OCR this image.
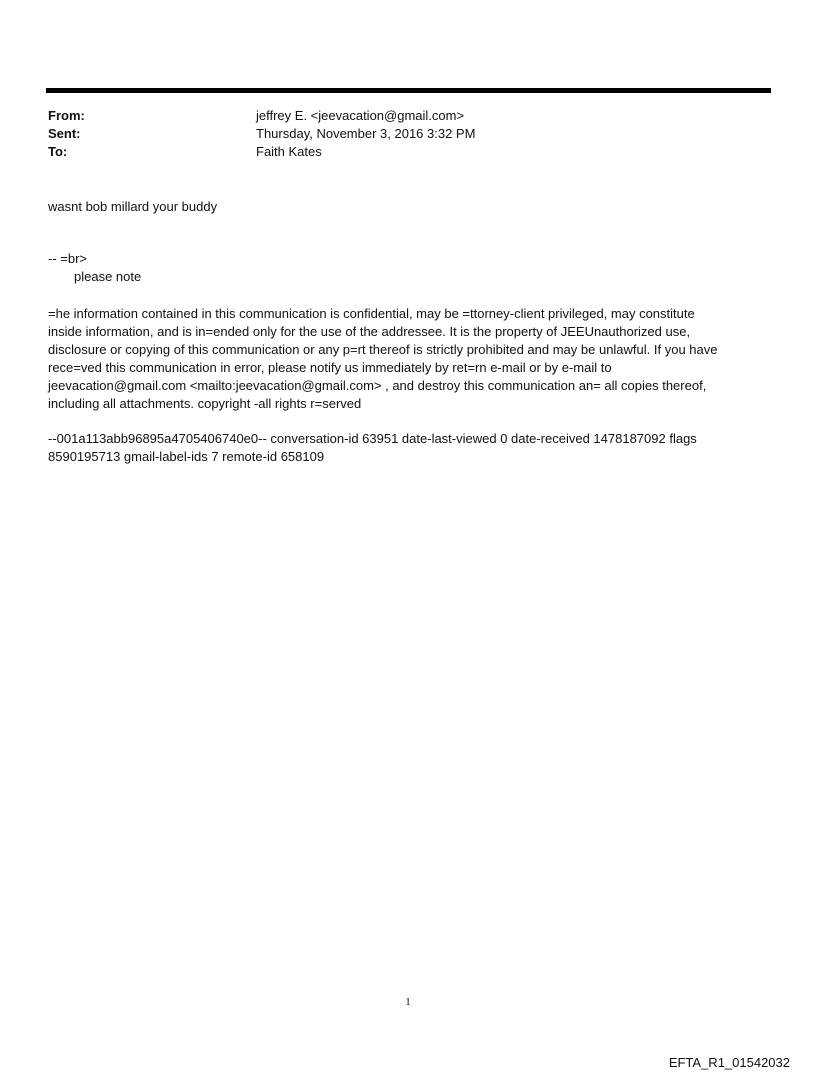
From:	jeffrey E. <jeevacation@gmail.com>
Sent:	Thursday, November 3, 2016 3:32 PM
To:	Faith Kates
wasnt bob millard your buddy
-- =br>
please note
=he information contained in this communication is confidential, may be =ttorney-client privileged, may constitute
inside information, and is in=ended only for the use of the addressee. It is the property of JEEUnauthorized use,
disclosure or copying of this communication or any p=rt thereof is strictly prohibited and may be unlawful. If you have
rece=ved this communication in error, please notify us immediately by ret=rn e-mail or by e-mail to
jeevacation@gmail.com <mailto:jeevacation@gmail.com> , and destroy this communication an= all copies thereof,
including all attachments. copyright -all rights r=served
--001a113abb96895a4705406740e0-- conversation-id 63951 date-last-viewed 0 date-received 1478187092 flags
8590195713 gmail-label-ids 7 remote-id 658109
1
EFTA_R1_01542032
